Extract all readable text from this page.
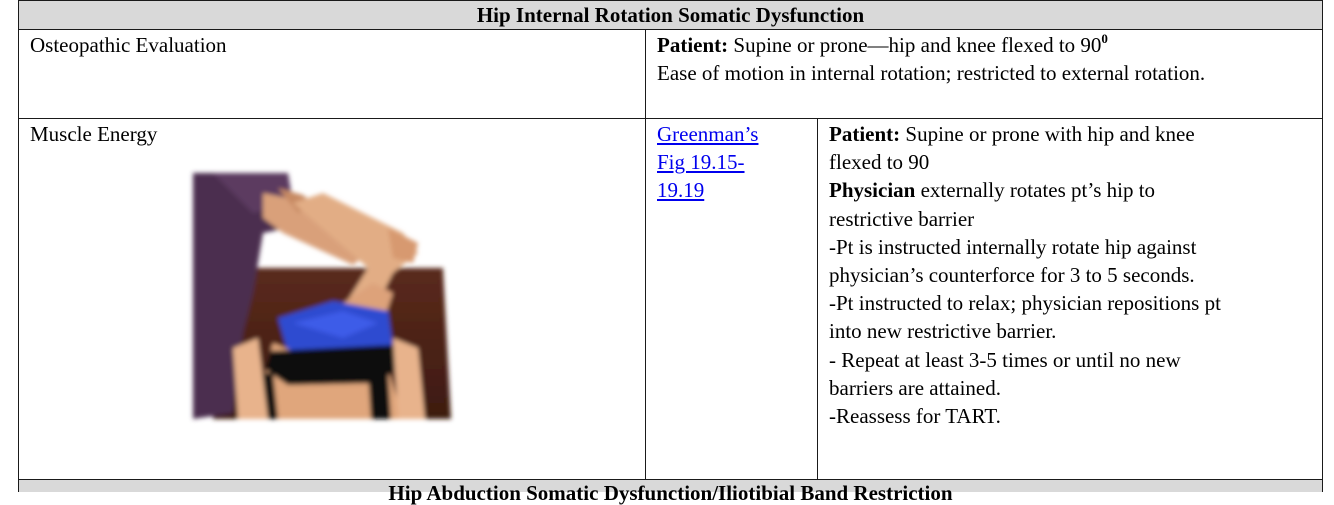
Hip Abduction Somatic Dysfunction/Iliotibial Band Restriction
Hip Internal Rotation Somatic Dysfunction
Osteopathic Evaluation	Patient: Supine or prone—hip and knee flexed to $90^0$
Ease of motion in internal rotation; restricted to external rotation.
Muscle Energy	Greenman’s
Fig 19.15-
19.19
Patient: Supine or prone with hip and knee
flexed to 90
Physician externally rotates pt’s hip to
restrictive barrier
-Pt is instructed internally rotate hip against
physician’s counterforce for 3 to 5 seconds.
-Pt instructed to relax; physician repositions pt
into new restrictive barrier.
- Repeat at least 3-5 times or until no new
barriers are attained.
-Reassess for TART.
